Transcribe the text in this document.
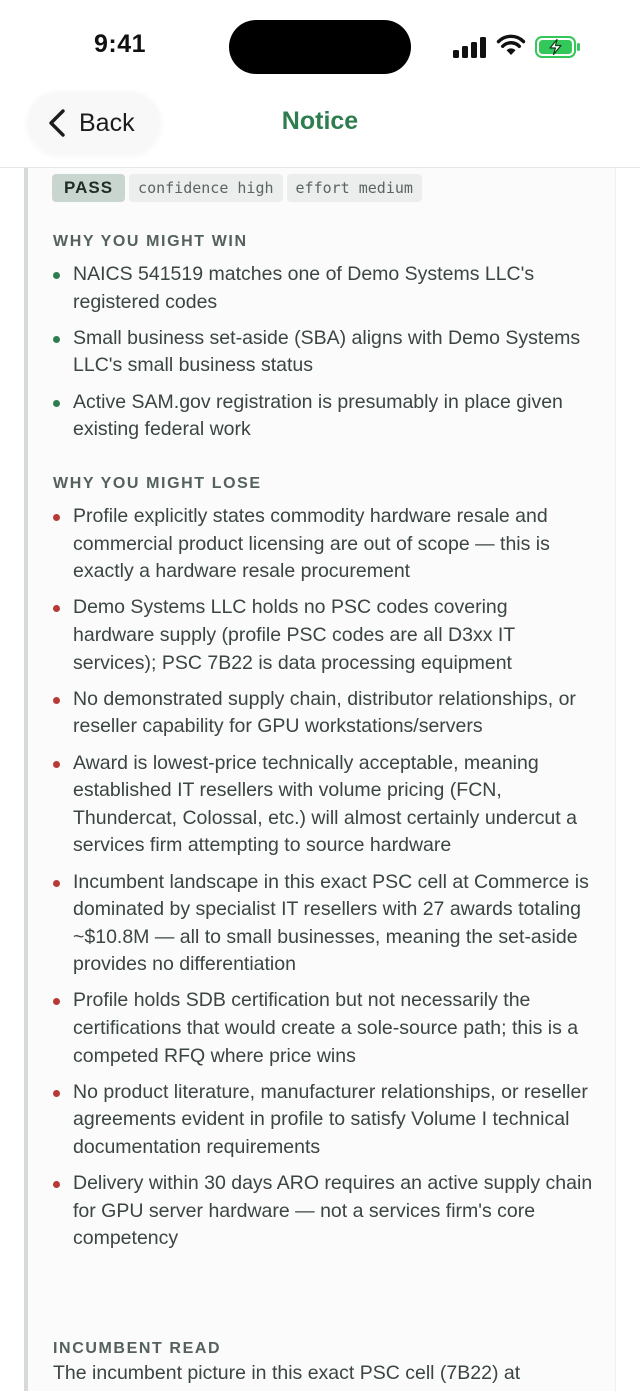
9:41
Back	Notice
PASS	confidence high	effort medium
WHY YOU MIGHT WIN
NAICS 541519 matches one of Demo Systems LLC's registered codes
Small business set-aside (SBA) aligns with Demo Systems LLC's small business status
Active SAM.gov registration is presumably in place given existing federal work
WHY YOU MIGHT LOSE
Profile explicitly states commodity hardware resale and commercial product licensing are out of scope — this is exactly a hardware resale procurement
Demo Systems LLC holds no PSC codes covering hardware supply (profile PSC codes are all D3xx IT services); PSC 7B22 is data processing equipment
No demonstrated supply chain, distributor relationships, or reseller capability for GPU workstations/servers
Award is lowest-price technically acceptable, meaning established IT resellers with volume pricing (FCN, Thundercat, Colossal, etc.) will almost certainly undercut a services firm attempting to source hardware
Incumbent landscape in this exact PSC cell at Commerce is dominated by specialist IT resellers with 27 awards totaling ~$10.8M — all to small businesses, meaning the set-aside provides no differentiation
Profile holds SDB certification but not necessarily the certifications that would create a sole-source path; this is a competed RFQ where price wins
No product literature, manufacturer relationships, or reseller agreements evident in profile to satisfy Volume I technical documentation requirements
Delivery within 30 days ARO requires an active supply chain for GPU server hardware — not a services firm's core competency
INCUMBENT READ
The incumbent picture in this exact PSC cell (7B22) at
